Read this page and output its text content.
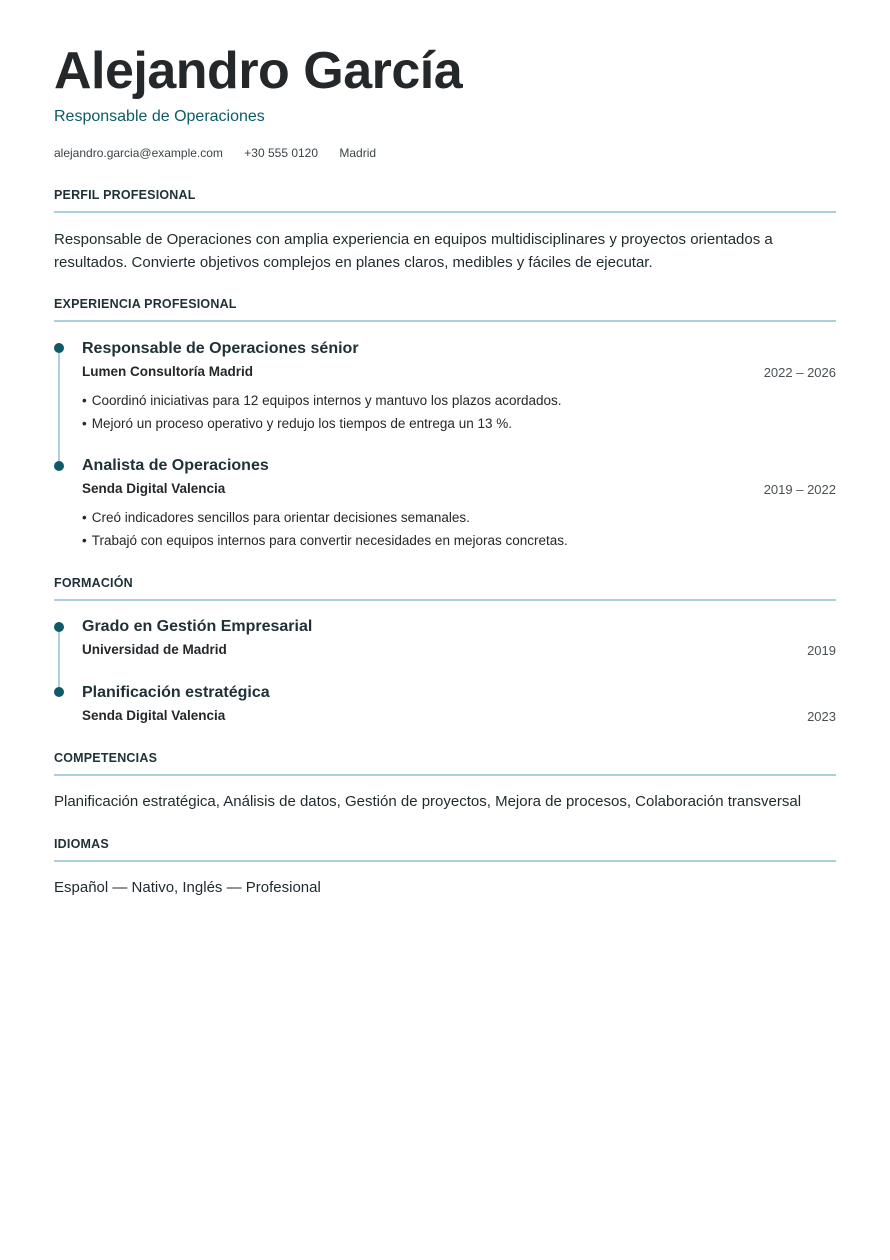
Alejandro García
Responsable de Operaciones
alejandro.garcia@example.com +30 555 0120 Madrid
PERFIL PROFESIONAL
Responsable de Operaciones con amplia experiencia en equipos multidisciplinares y proyectos orientados a resultados. Convierte objetivos complejos en planes claros, medibles y fáciles de ejecutar.
EXPERIENCIA PROFESIONAL
Responsable de Operaciones sénior
Lumen Consultoría Madrid	2022 – 2026
• Coordinó iniciativas para 12 equipos internos y mantuvo los plazos acordados.
• Mejoró un proceso operativo y redujo los tiempos de entrega un 13 %.
Analista de Operaciones
Senda Digital Valencia	2019 – 2022
• Creó indicadores sencillos para orientar decisiones semanales.
• Trabajó con equipos internos para convertir necesidades en mejoras concretas.
FORMACIÓN
Grado en Gestión Empresarial
Universidad de Madrid	2019
Planificación estratégica
Senda Digital Valencia	2023
COMPETENCIAS
Planificación estratégica, Análisis de datos, Gestión de proyectos, Mejora de procesos, Colaboración transversal
IDIOMAS
Español — Nativo, Inglés — Profesional
